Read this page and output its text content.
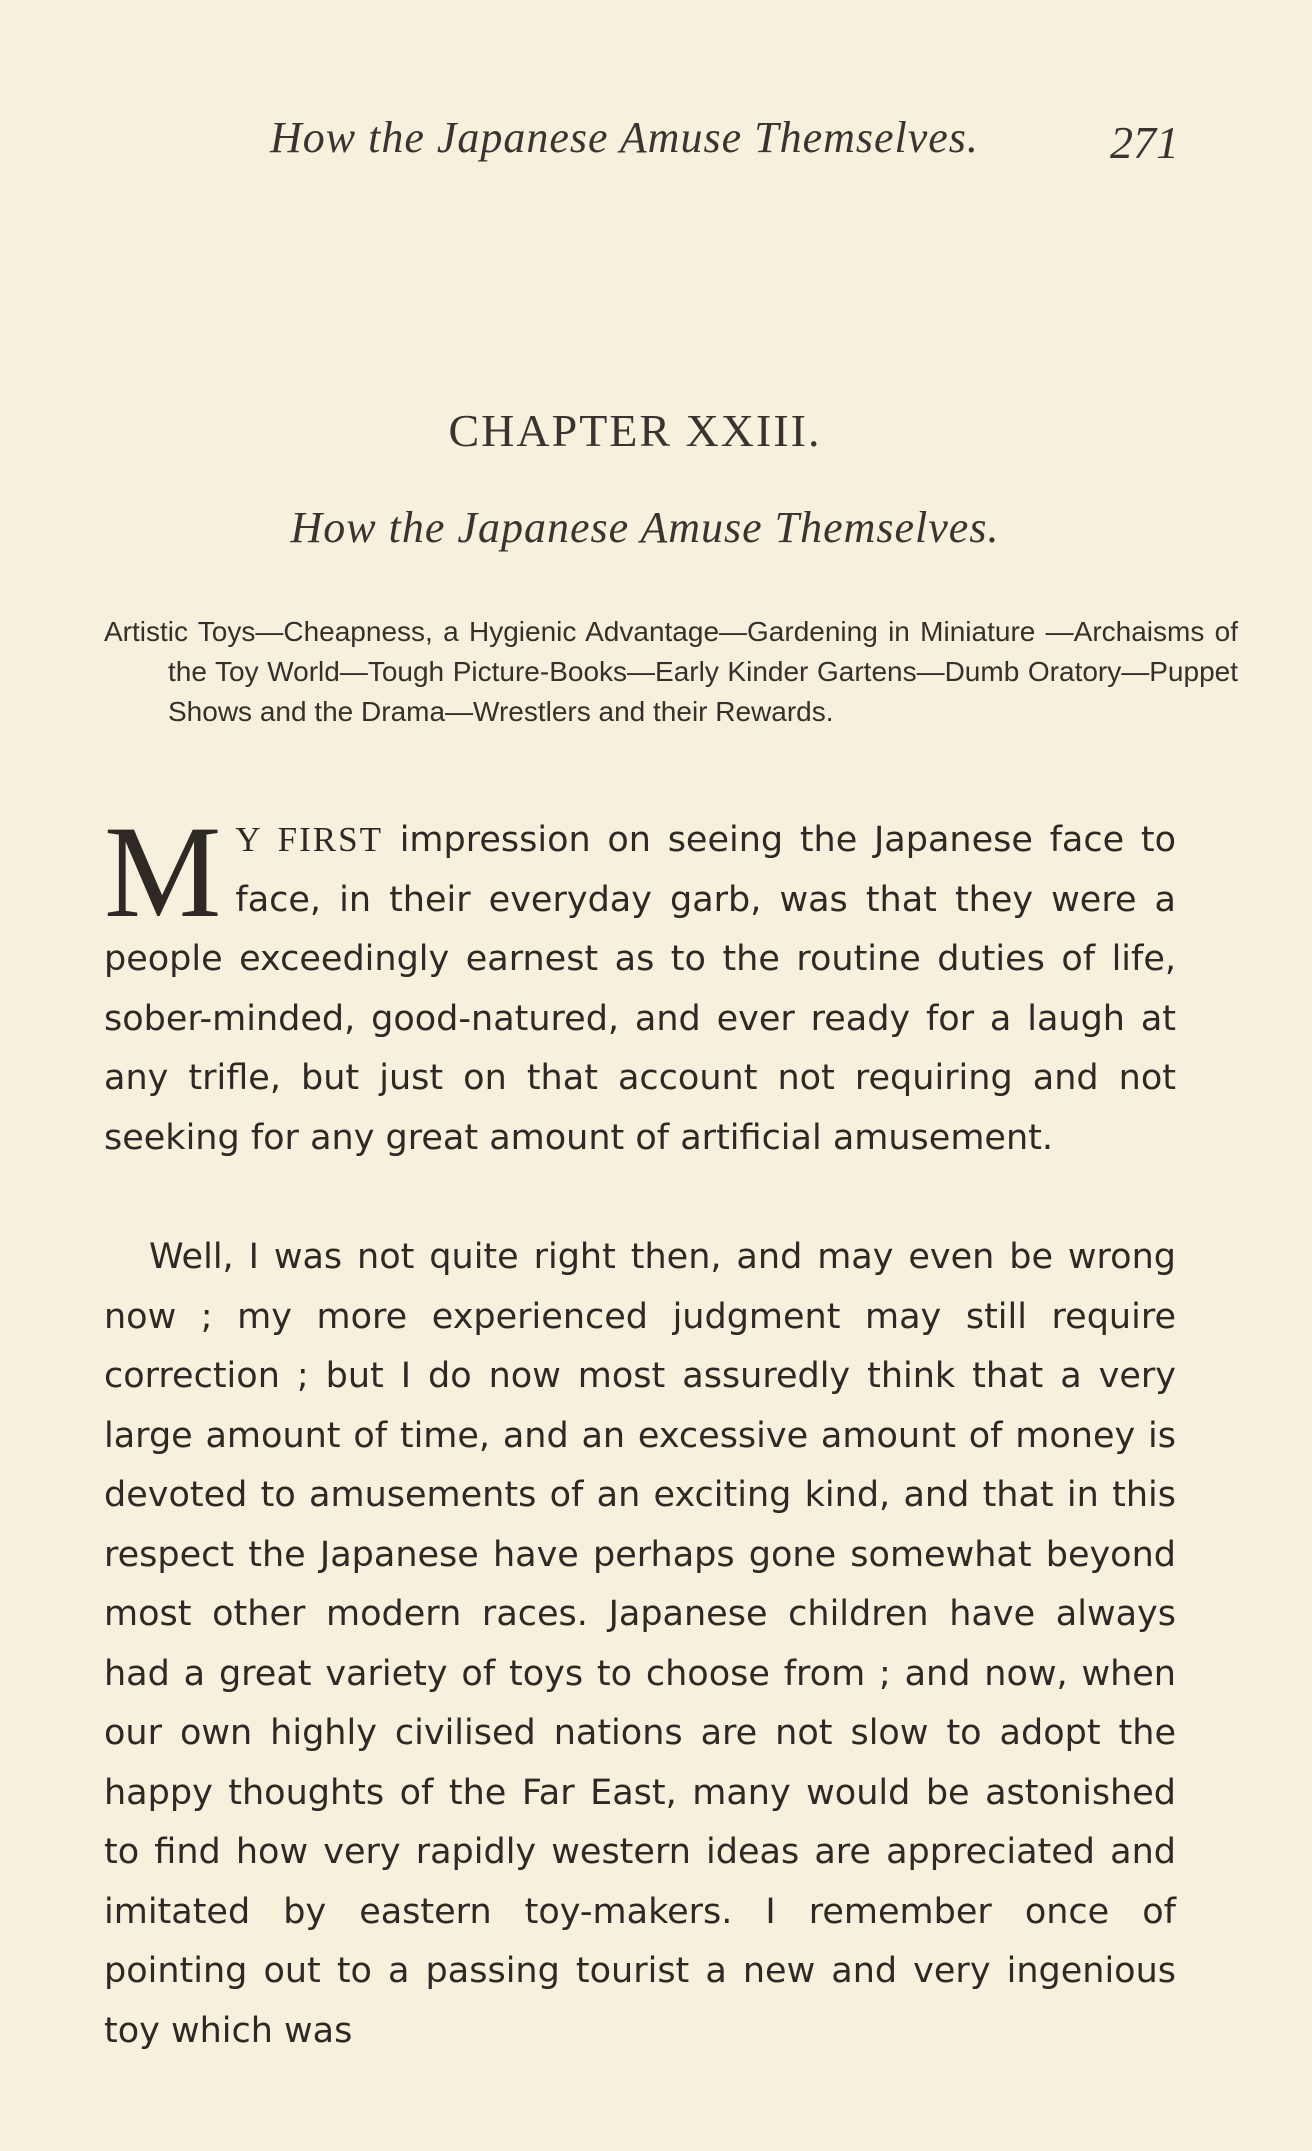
How the Japanese Amuse Themselves.	271
CHAPTER XXIII.
How the Japanese Amuse Themselves.
Artistic Toys—Cheapness, a Hygienic Advantage—Gardening in Miniature —Archaisms of the Toy World—Tough Picture-Books—Early Kinder Gartens—Dumb Oratory—Puppet Shows and the Drama—Wrestlers and their Rewards.
M Y FIRST impression on seeing the Japanese face to face, in their everyday garb, was that they were a people exceedingly earnest as to the routine duties of life, sober-minded, good-natured, and ever ready for a laugh at any trifle, but just on that account not requiring and not seeking for any great amount of artificial amusement.
Well, I was not quite right then, and may even be wrong now ; my more experienced judgment may still require correction ; but I do now most assuredly think that a very large amount of time, and an excessive amount of money is devoted to amusements of an exciting kind, and that in this respect the Japanese have perhaps gone somewhat beyond most other modern races. Japanese children have always had a great variety of toys to choose from ; and now, when our own highly civilised nations are not slow to adopt the happy thoughts of the Far East, many would be astonished to find how very rapidly western ideas are appreciated and imitated by eastern toy-makers. I remember once of pointing out to a passing tourist a new and very ingenious toy which was
